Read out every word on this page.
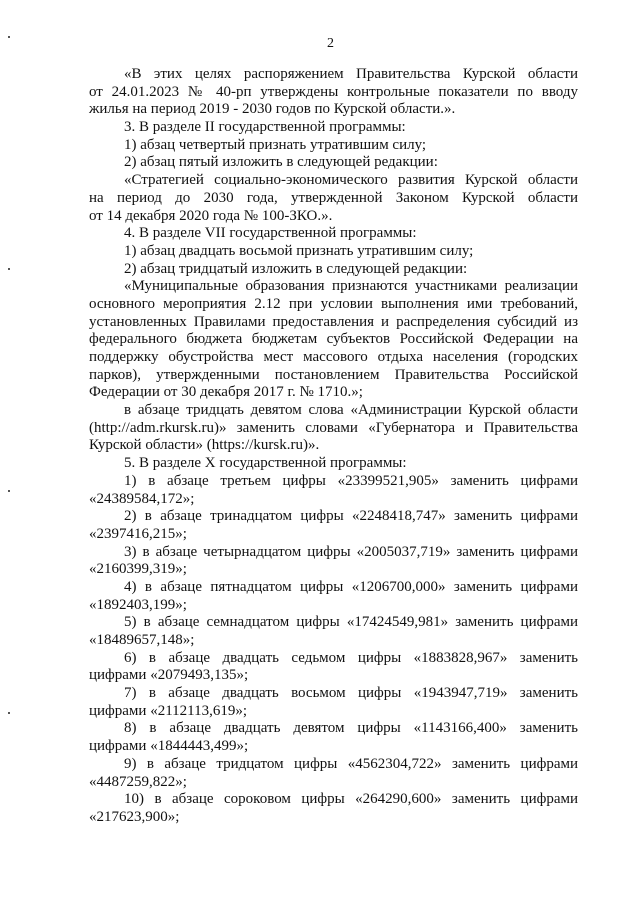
2
«В этих целях распоряжением Правительства Курской области
от 24.01.2023 № 40-рп утверждены контрольные показатели по вводу
жилья на период 2019 - 2030 годов по Курской области.».
3. В разделе II государственной программы:
1) абзац четвертый признать утратившим силу;
2) абзац пятый изложить в следующей редакции:
«Стратегией социально-экономического развития Курской области
на период до 2030 года, утвержденной Законом Курской области
от 14 декабря 2020 года № 100-ЗКО.».
4. В разделе VII государственной программы:
1) абзац двадцать восьмой признать утратившим силу;
2) абзац тридцатый изложить в следующей редакции:
«Муниципальные образования признаются участниками реализации
основного мероприятия 2.12 при условии выполнения ими требований,
установленных Правилами предоставления и распределения субсидий из
федерального бюджета бюджетам субъектов Российской Федерации на
поддержку обустройства мест массового отдыха населения (городских
парков), утвержденными постановлением Правительства Российской
Федерации от 30 декабря 2017 г. № 1710.»;
в абзаце тридцать девятом слова «Администрации Курской области
(http://adm.rkursk.ru)» заменить словами «Губернатора и Правительства
Курской области» (https://kursk.ru)».
5. В разделе X государственной программы:
1) в абзаце третьем цифры «23399521,905» заменить цифрами
«24389584,172»;
2) в абзаце тринадцатом цифры «2248418,747» заменить цифрами
«2397416,215»;
3) в абзаце четырнадцатом цифры «2005037,719» заменить цифрами
«2160399,319»;
4) в абзаце пятнадцатом цифры «1206700,000» заменить цифрами
«1892403,199»;
5) в абзаце семнадцатом цифры «17424549,981» заменить цифрами
«18489657,148»;
6) в абзаце двадцать седьмом цифры «1883828,967» заменить
цифрами «2079493,135»;
7) в абзаце двадцать восьмом цифры «1943947,719» заменить
цифрами «2112113,619»;
8) в абзаце двадцать девятом цифры «1143166,400» заменить
цифрами «1844443,499»;
9) в абзаце тридцатом цифры «4562304,722» заменить цифрами
«4487259,822»;
10) в абзаце сороковом цифры «264290,600» заменить цифрами
«217623,900»;
